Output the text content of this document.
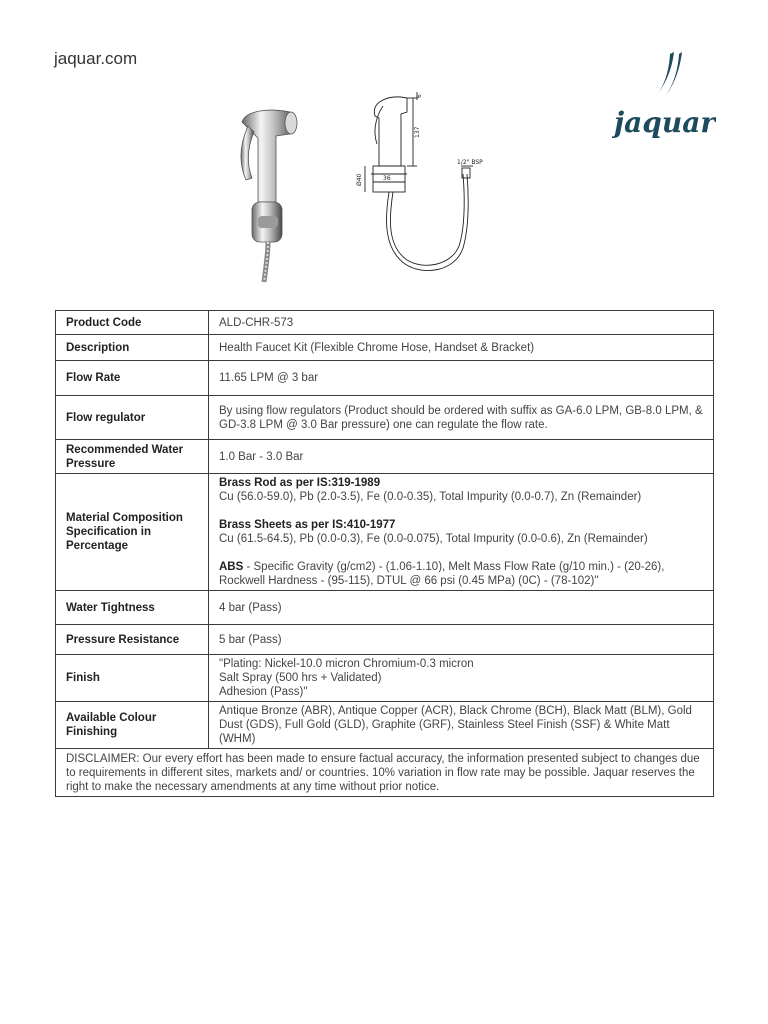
jaquar.com
jaquar
137
6
Ø40	36
1/2" BSP
Product Code	ALD-CHR-573
Description	Health Faucet Kit (Flexible Chrome Hose, Handset & Bracket)
Flow Rate	11.65 LPM @ 3 bar
Flow regulator	By using flow regulators (Product should be ordered with suffix as GA-6.0 LPM, GB-8.0 LPM, & GD-3.8 LPM @ 3.0 Bar pressure) one can regulate the flow rate.
Recommended Water Pressure	1.0 Bar - 3.0 Bar
Material Composition Specification in Percentage	Brass Rod as per IS:319-1989
Cu (56.0-59.0), Pb (2.0-3.5), Fe (0.0-0.35), Total Impurity (0.0-0.7), Zn (Remainder)
Brass Sheets as per IS:410-1977
Cu (61.5-64.5), Pb (0.0-0.3), Fe (0.0-0.075), Total Impurity (0.0-0.6), Zn (Remainder)
ABS - Specific Gravity (g/cm2) - (1.06-1.10), Melt Mass Flow Rate (g/10 min.) - (20-26), Rockwell Hardness - (95-115), DTUL @ 66 psi (0.45 MPa) (0C) - (78-102)"

Water Tightness	4 bar (Pass)
Pressure Resistance	5 bar (Pass)
Finish	"Plating: Nickel-10.0 micron Chromium-0.3 micron
Salt Spray (500 hrs + Validated)
Adhesion (Pass)"

Available Colour Finishing	Antique Bronze (ABR), Antique Copper (ACR), Black Chrome (BCH), Black Matt (BLM), Gold Dust (GDS), Full Gold (GLD), Graphite (GRF), Stainless Steel Finish (SSF) & White Matt (WHM)
DISCLAIMER: Our every effort has been made to ensure factual accuracy, the information presented subject to changes due to requirements in different sites, markets and/ or countries. 10% variation in flow rate may be possible. Jaquar reserves the right to make the necessary amendments at any time without prior notice.	
